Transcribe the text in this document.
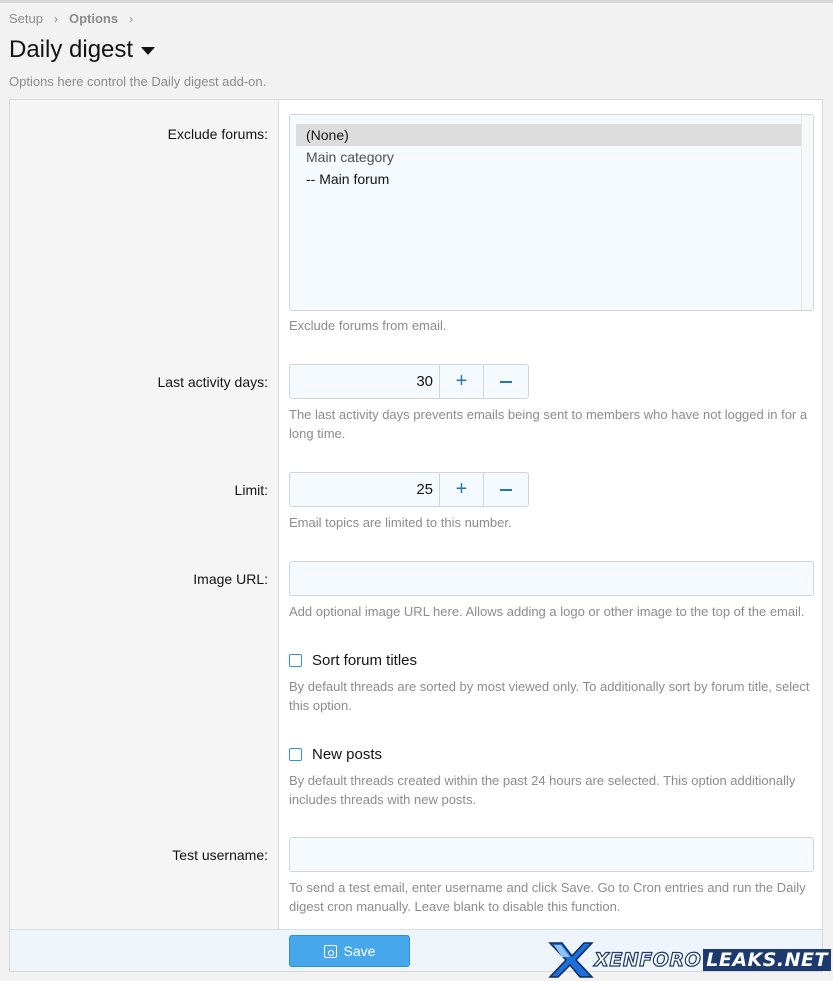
Setup › Options ›
Daily digest
Options here control the Daily digest add-on.
Exclude forums:	(None)
Main category
-- Main forum
Exclude forums from email.
Last activity days:	30	+
The last activity days prevents emails being sent to members who have not logged in for a long time.
Limit:	25	+
Email topics are limited to this number.
Image URL:
Add optional image URL here. Allows adding a logo or other image to the top of the email.
Sort forum titles
By default threads are sorted by most viewed only. To additionally sort by forum title, select this option.
New posts
By default threads created within the past 24 hours are selected. This option additionally includes threads with new posts.
Test username:
To send a test email, enter username and click Save. Go to Cron entries and run the Daily digest cron manually. Leave blank to disable this function.
Save	XENFORO LEAKS.NET
